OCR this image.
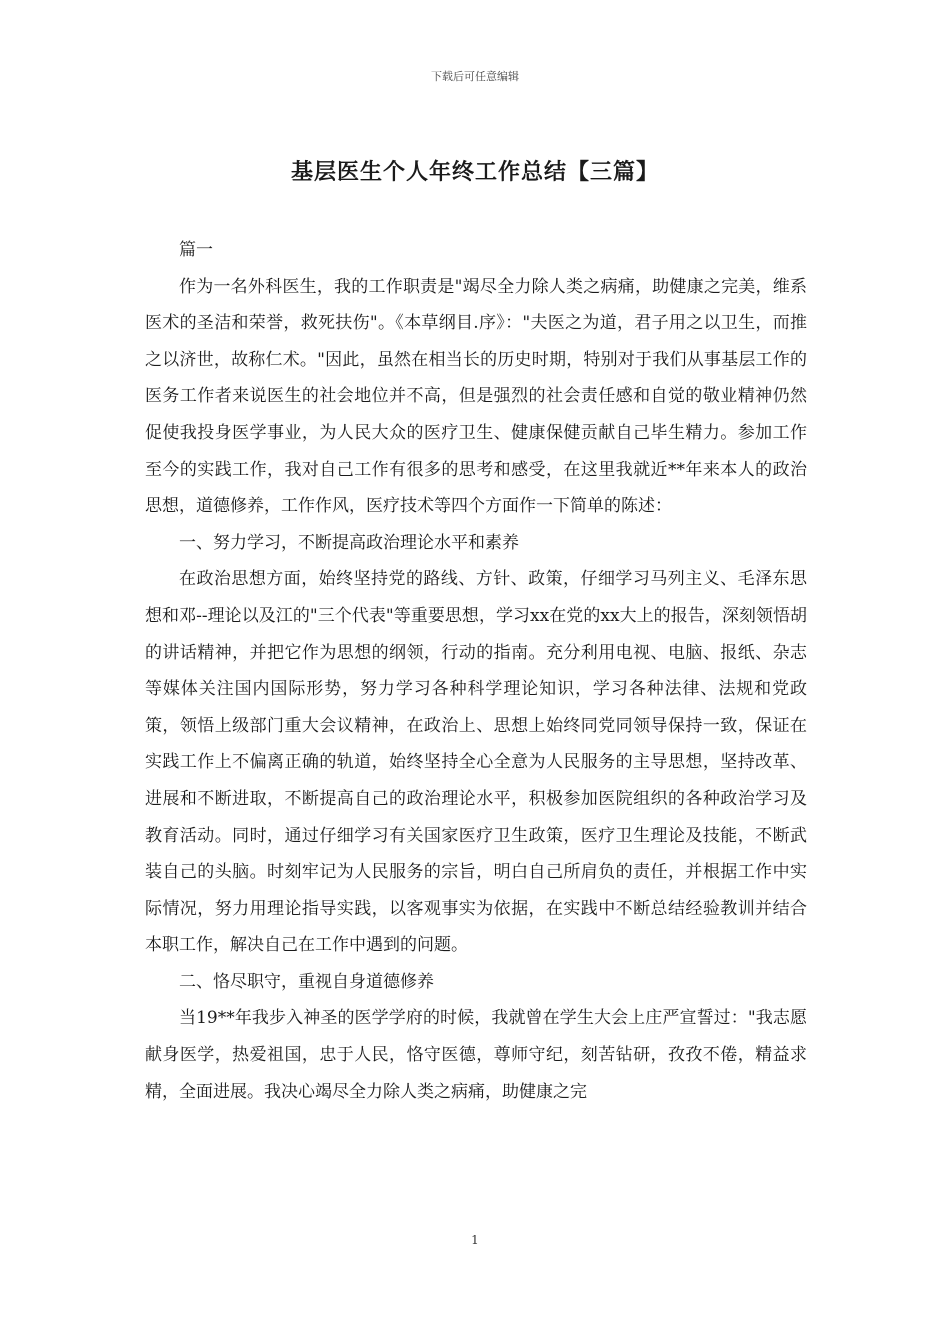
下载后可任意编辑
基层医生个人年终工作总结【三篇】

篇一

作为一名外科医生，我的工作职责是"竭尽全力除人类之病痛，助健康之完美，维系医术的圣洁和荣誉，救死扶伤"。《本草纲目.序》："夫医之为道，君子用之以卫生，而推之以济世，故称仁术。"因此，虽然在相当长的历史时期，特别对于我们从事基层工作的医务工作者来说医生的社会地位并不高，但是强烈的社会责任感和自觉的敬业精神仍然促使我投身医学事业，为人民大众的医疗卫生、健康保健贡献自己毕生精力。参加工作至今的实践工作，我对自己工作有很多的思考和感受，在这里我就近**年来本人的政治思想，道德修养，工作作风，医疗技术等四个方面作一下简单的陈述：

一、努力学习，不断提高政治理论水平和素养

在政治思想方面，始终坚持党的路线、方针、政策，仔细学习马列主义、毛泽东思想和邓--理论以及江的"三个代表"等重要思想，学习xx在党的xx大上的报告，深刻领悟胡的讲话精神，并把它作为思想的纲领，行动的指南。充分利用电视、电脑、报纸、杂志等媒体关注国内国际形势，努力学习各种科学理论知识，学习各种法律、法规和党政策，领悟上级部门重大会议精神，在政治上、思想上始终同党同领导保持一致，保证在实践工作上不偏离正确的轨道，始终坚持全心全意为人民服务的主导思想，坚持改革、进展和不断进取，不断提高自己的政治理论水平，积极参加医院组织的各种政治学习及教育活动。同时，通过仔细学习有关国家医疗卫生政策，医疗卫生理论及技能，不断武装自己的头脑。时刻牢记为人民服务的宗旨，明白自己所肩负的责任，并根据工作中实际情况，努力用理论指导实践，以客观事实为依据，在实践中不断总结经验教训并结合本职工作，解决自己在工作中遇到的问题。

二、恪尽职守，重视自身道德修养

当19**年我步入神圣的医学学府的时候，我就曾在学生大会上庄严宣誓过："我志愿献身医学，热爱祖国，忠于人民，恪守医德，尊师守纪，刻苦钻研，孜孜不倦，精益求精，全面进展。我决心竭尽全力除人类之病痛，助健康之完

1
